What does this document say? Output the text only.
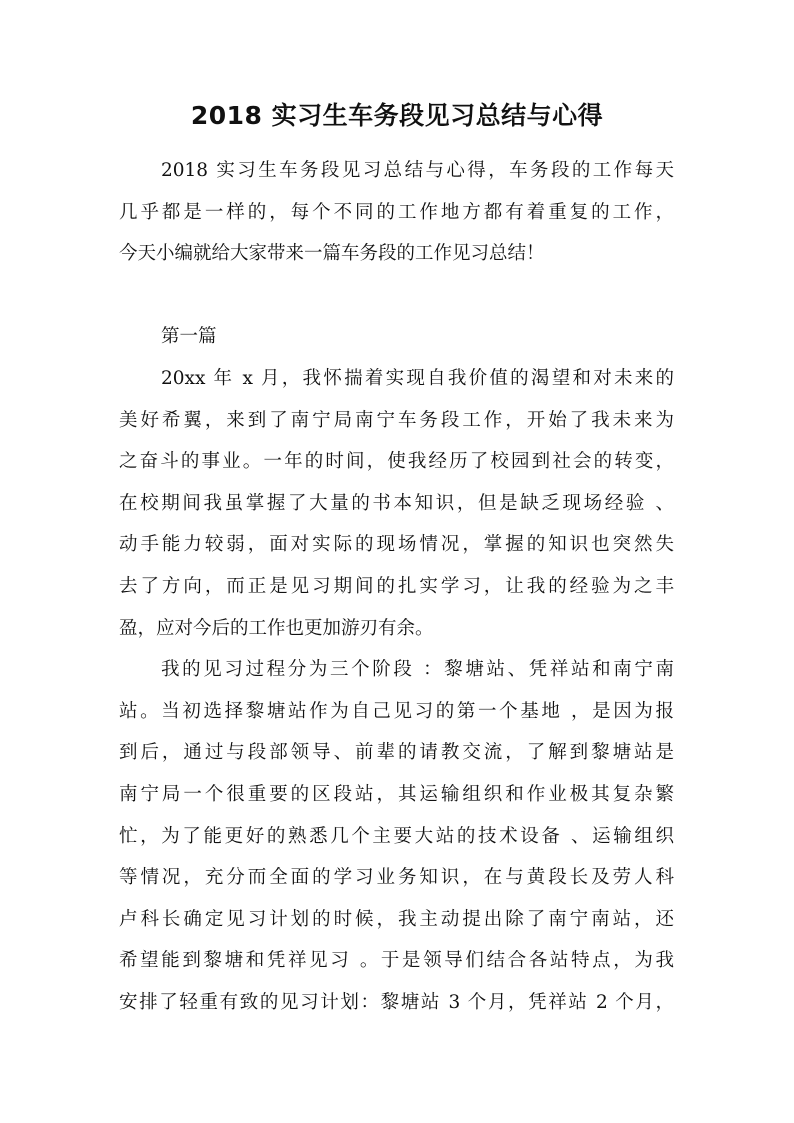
2018 实习生车务段见习总结与心得
2018 实习生车务段见习总结与心得，车务段的工作每天
几乎都是一样的，每个不同的工作地方都有着重复的工作，
今天小编就给大家带来一篇车务段的工作见习总结！
第一篇
20xx 年 x 月，我怀揣着实现自我价值的渴望和对未来的
美好希翼，来到了南宁局南宁车务段工作，开始了我未来为
之奋斗的事业。一年的时间，使我经历了校园到社会的转变，
在校期间我虽掌握了大量的书本知识，但是缺乏现场经验 、
动手能力较弱，面对实际的现场情况，掌握的知识也突然失
去了方向，而正是见习期间的扎实学习，让我的经验为之丰
盈，应对今后的工作也更加游刃有余。
我的见习过程分为三个阶段 ：黎塘站、凭祥站和南宁南
站。当初选择黎塘站作为自己见习的第一个基地 ，是因为报
到后，通过与段部领导、前辈的请教交流，了解到黎塘站是
南宁局一个很重要的区段站，其运输组织和作业极其复杂繁
忙，为了能更好的熟悉几个主要大站的技术设备 、运输组织
等情况，充分而全面的学习业务知识，在与黄段长及劳人科
卢科长确定见习计划的时候，我主动提出除了南宁南站，还
希望能到黎塘和凭祥见习 。于是领导们结合各站特点，为我
安排了轻重有致的见习计划：黎塘站 3 个月，凭祥站 2 个月，
